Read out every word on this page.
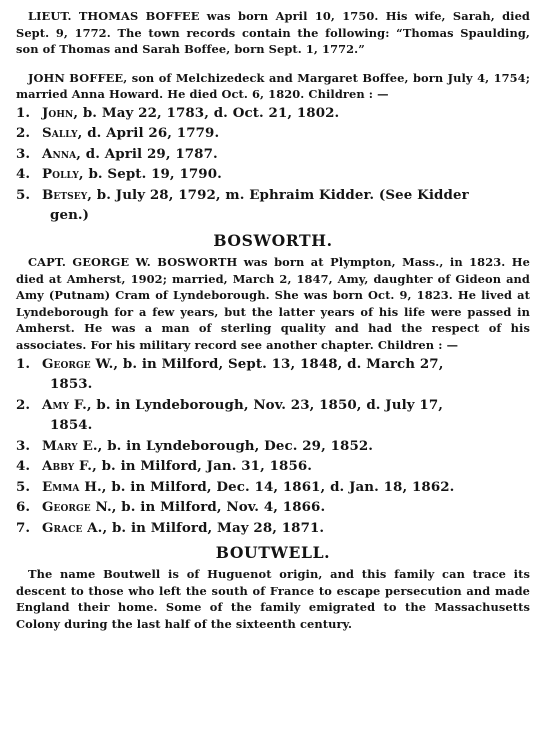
LIEUT. THOMAS BOFFEE was born April 10, 1750. His wife, Sarah, died Sept. 9, 1772. The town records contain the following: “Thomas Spaulding, son of Thomas and Sarah Boffee, born Sept. 1, 1772.”

JOHN BOFFEE, son of Melchizedeck and Margaret Boffee, born July 4, 1754; married Anna Howard. He died Oct. 6, 1820. Children : —

1. John, b. May 22, 1783, d. Oct. 21, 1802.
2. Sally, d. April 26, 1779.
3. Anna, d. April 29, 1787.
4. Polly, b. Sept. 19, 1790.
5. Betsey, b. July 28, 1792, m. Ephraim Kidder. (See Kidder
gen.)
BOSWORTH.

CAPT. GEORGE W. BOSWORTH was born at Plympton, Mass., in 1823. He died at Amherst, 1902; married, March 2, 1847, Amy, daughter of Gideon and Amy (Putnam) Cram of Lyndeborough. She was born Oct. 9, 1823. He lived at Lyndeborough for a few years, but the latter years of his life were passed in Amherst. He was a man of sterling quality and had the respect of his associates. For his military record see another chapter. Children : —

1. George W., b. in Milford, Sept. 13, 1848, d. March 27,
1853.
2. Amy F., b. in Lyndeborough, Nov. 23, 1850, d. July 17,
1854.
3. Mary E., b. in Lyndeborough, Dec. 29, 1852.
4. Abby F., b. in Milford, Jan. 31, 1856.
5. Emma H., b. in Milford, Dec. 14, 1861, d. Jan. 18, 1862.
6. George N., b. in Milford, Nov. 4, 1866.
7. Grace A., b. in Milford, May 28, 1871.
BOUTWELL.

The name Boutwell is of Huguenot origin, and this family can trace its descent to those who left the south of France to escape persecution and made England their home. Some of the family emigrated to the Massachusetts Colony during the last half of the sixteenth century.
